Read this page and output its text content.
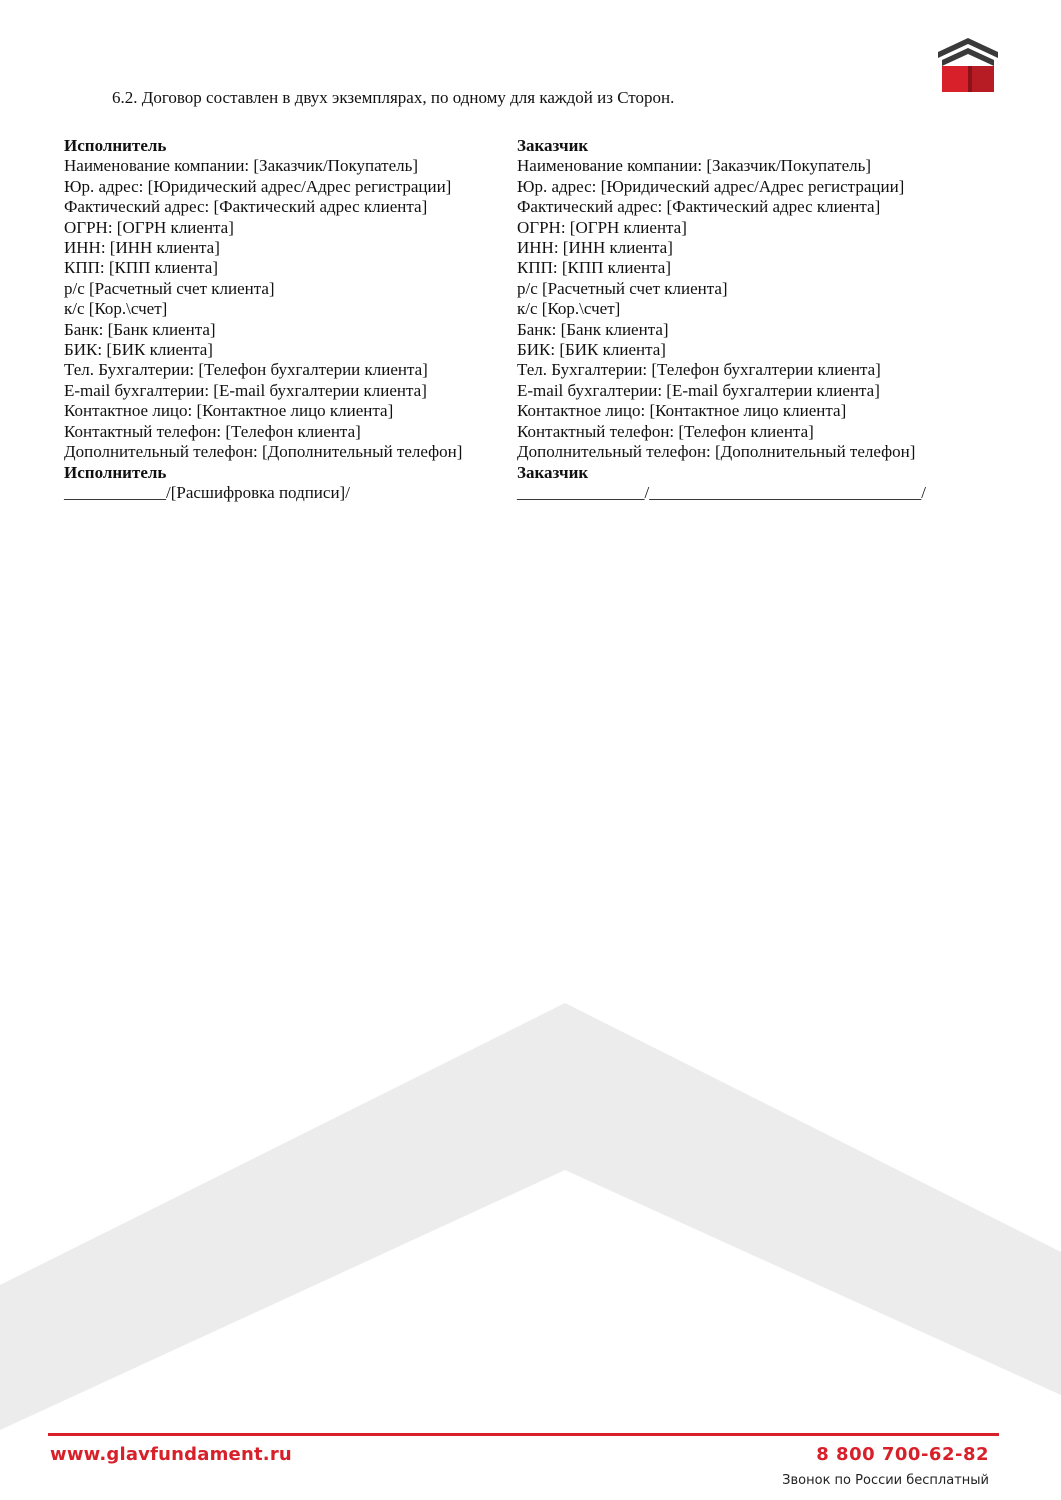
6.2. Договор составлен в двух экземплярах, по одному для каждой из Сторон.
Исполнитель
Наименование компании: [Заказчик/Покупатель]
Юр. адрес: [Юридический адрес/Адрес регистрации]
Фактический адрес: [Фактический адрес клиента]
ОГРН: [ОГРН клиента]
ИНН: [ИНН клиента]
КПП: [КПП клиента]
р/с [Расчетный счет клиента]
к/с [Кор.\счет]
Банк: [Банк клиента]
БИК: [БИК клиента]
Тел. Бухгалтерии: [Телефон бухгалтерии клиента]
E-mail бухгалтерии: [E-mail бухгалтерии клиента]
Контактное лицо: [Контактное лицо клиента]
Контактный телефон: [Телефон клиента]
Дополнительный телефон: [Дополнительный телефон]
Исполнитель
____________/[Расшифровка подписи]/
Заказчик
Наименование компании: [Заказчик/Покупатель]
Юр. адрес: [Юридический адрес/Адрес регистрации]
Фактический адрес: [Фактический адрес клиента]
ОГРН: [ОГРН клиента]
ИНН: [ИНН клиента]
КПП: [КПП клиента]
р/с [Расчетный счет клиента]
к/с [Кор.\счет]
Банк: [Банк клиента]
БИК: [БИК клиента]
Тел. Бухгалтерии: [Телефон бухгалтерии клиента]
E-mail бухгалтерии: [E-mail бухгалтерии клиента]
Контактное лицо: [Контактное лицо клиента]
Контактный телефон: [Телефон клиента]
Дополнительный телефон: [Дополнительный телефон]
Заказчик
_______________/________________________________/
www.glavfundament.ru	8 800 700-62-82
Звонок по России бесплатный
